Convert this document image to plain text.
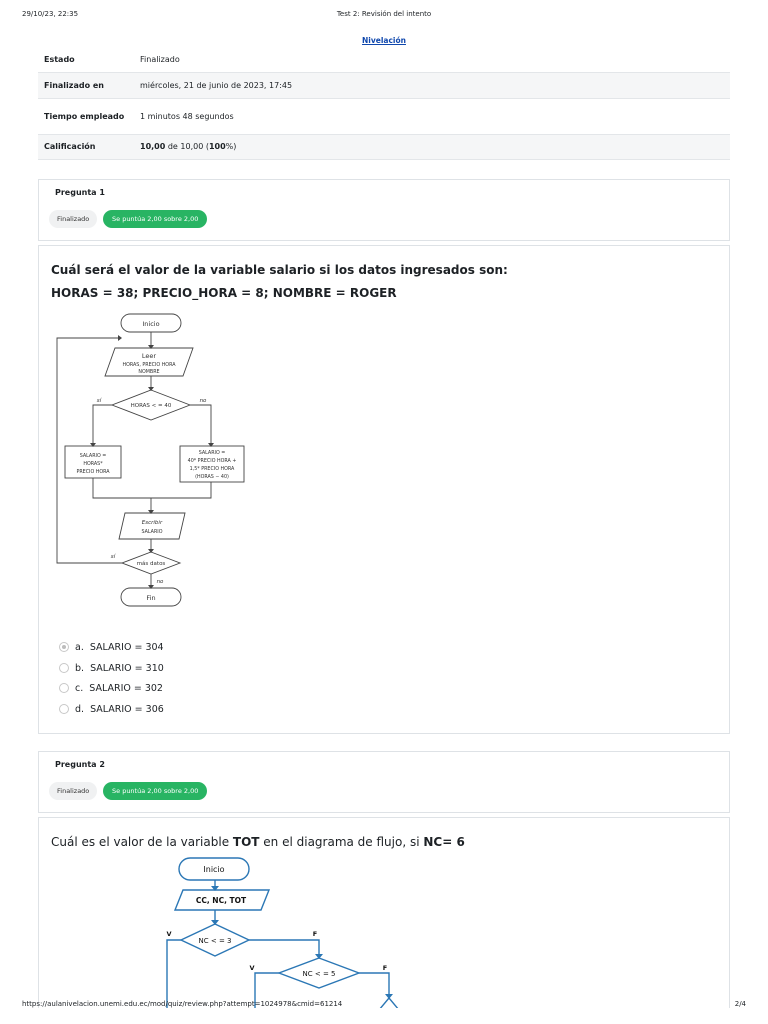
29/10/23, 22:35	Test 2: Revisión del intento
Nivelación
Estado	Finalizado
Finalizado en	miércoles, 21 de junio de 2023, 17:45
Tiempo empleado	1 minutos 48 segundos
Calificación	10,00 de 10,00 (100%)
Pregunta 1
Finalizado	Se puntúa 2,00 sobre 2,00
Cuál será el valor de la variable salario si los datos ingresados son:
HORAS = 38; PRECIO_HORA = 8; NOMBRE = ROGER
Inicio
Leer
HORAS, PRECIO HORA
NOMBRE
HORAS < = 40
sí	no
SALARIO =
HORAS*
PRECIO HORA
SALARIO =
40* PRECIO HORA +
1,5* PRECIO HORA
(HORAS − 40)
Escribir
SALARIO
más datos
sí
no
Fin
a. SALARIO = 304
b. SALARIO = 310
c. SALARIO = 302
d. SALARIO = 306
Pregunta 2
Finalizado	Se puntúa 2,00 sobre 2,00
Cuál es el valor de la variable TOT en el diagrama de flujo, si NC= 6
Inicio
CC, NC, TOT
NC < = 3
NC < = 5
V	F
V	F
https://aulanivelacion.unemi.edu.ec/mod/quiz/review.php?attempt=1024978&cmid=61214	2/4
